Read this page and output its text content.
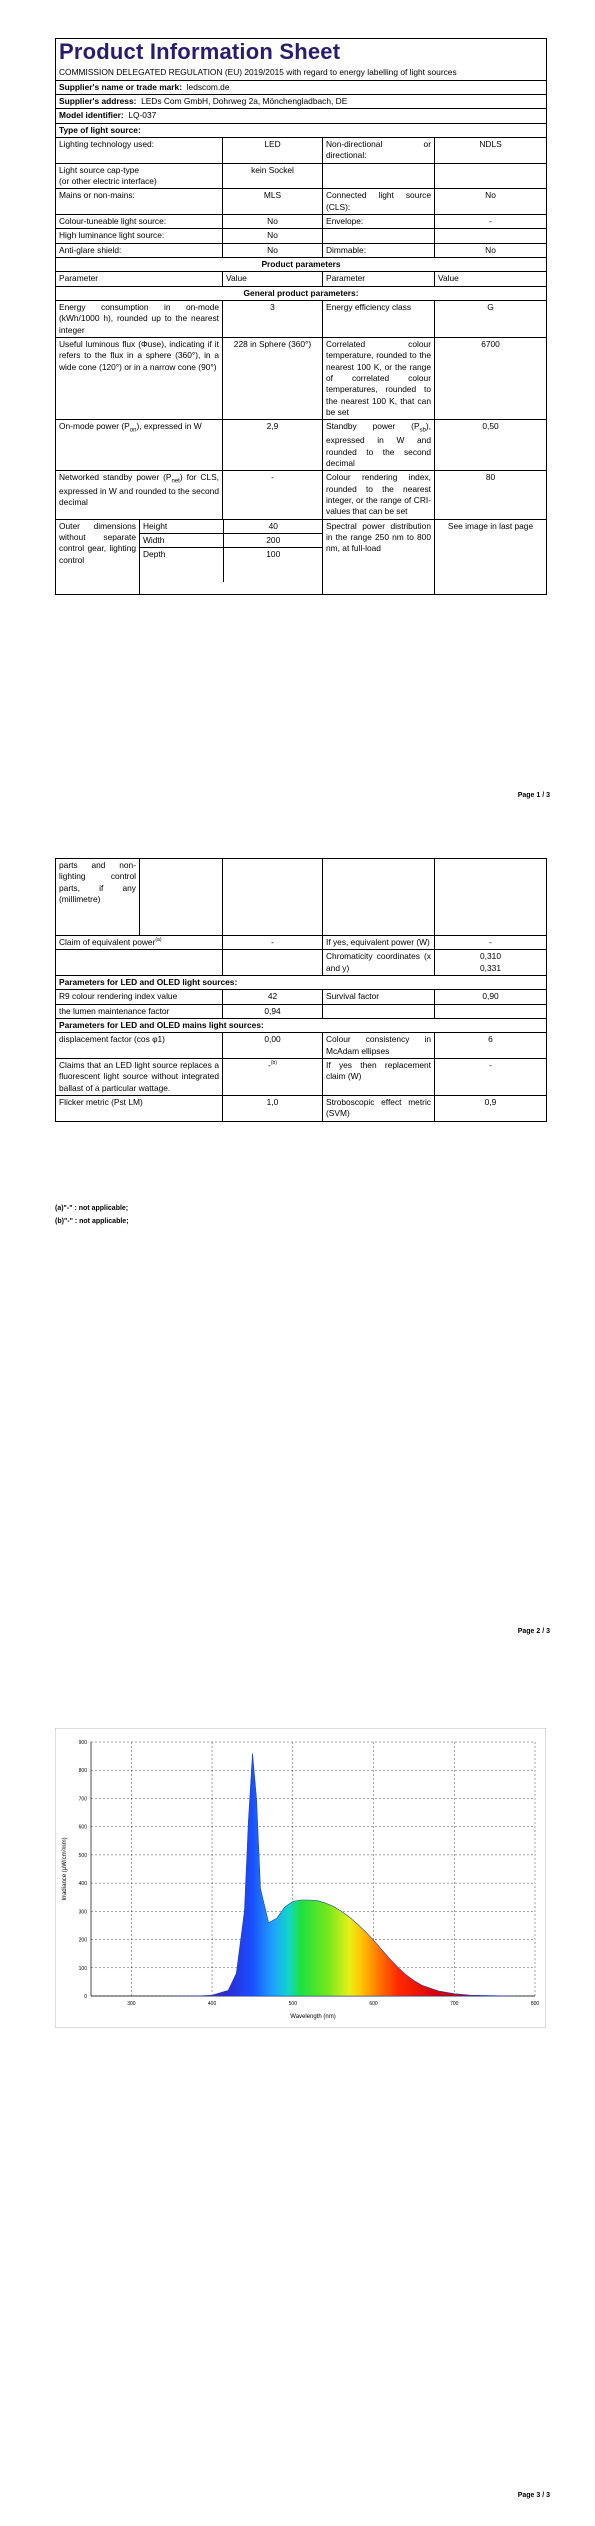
Product Information Sheet
COMMISSION DELEGATED REGULATION (EU) 2019/2015 with regard to energy labelling of light sources

Supplier's name or trade mark: ledscom.de
Supplier's address: LEDs Com GmbH, Dohrweg 2a, Mönchengladbach, DE
Model identifier: LQ-037
Type of light source:
Lighting technology used:	LED	Non-directional or directional:	NDLS
Light source cap-type
(or other electric interface)	kein Sockel		
Mains or non-mains:	MLS	Connected light source (CLS):	No
Colour-tuneable light source:	No	Envelope:	-
High luminance light source:	No		
Anti-glare shield:	No	Dimmable:	No
Product parameters
Parameter	Value	Parameter	Value
General product parameters:
Energy consumption in on-mode (kWh/1000 h), rounded up to the nearest integer	3	Energy efficiency class	G
Useful luminous flux (Φuse), indicating if it refers to the flux in a sphere (360°), in a wide cone (120°) or in a narrow cone (90°)	228 in Sphere (360°)	Correlated colour temperature, rounded to the nearest 100 K, or the range of correlated colour temperatures, rounded to the nearest 100 K, that can be set	6700
On-mode power $(P_{on})$, expressed in W	2,9	Standby power $(P_{sb})$, expressed in W and rounded to the second decimal	0,50
Networked standby power $(P_{net})$ for CLS, expressed in W and rounded to the second decimal	-	Colour rendering index, rounded to the nearest integer, or the range of CRI-values that can be set	80
Outer dimensions without separate control gear, lighting control	
Height	40
Width	200
Depth	100
	Spectral power distribution in the range 250 nm to 800 nm, at full-load	See image in last page
Page 1 / 3
parts and non-lighting control parts, if any (millimetre)				
Claim of equivalent power$^{(a)}$		-	If yes, equivalent power (W)	-
			Chromaticity coordinates (x and y)	0,310
0,331

Parameters for LED and OLED light sources:				
R9 colour rendering index value		42	Survival factor	0,90
the lumen maintenance factor		0,94		
Parameters for LED and OLED mains light sources:				
displacement factor (cos φ1)		0,00	Colour consistency in McAdam ellipses	6
Claims that an LED light source replaces a fluorescent light source without integrated ballast of a particular wattage.		-$^{(b)}$	If yes then replacement claim (W)	-
Flicker metric (Pst LM)		1,0	Stroboscopic effect metric (SVM)	0,9
(a)"-" : not applicable;
(b)"-" : not applicable;
Page 2 / 3
0
100
200
300
400
500
600
700
800
900
300	400	500	600	700	800
Wavelength (nm)
Irradiance (µW/cm²/nm)
Page 3 / 3
